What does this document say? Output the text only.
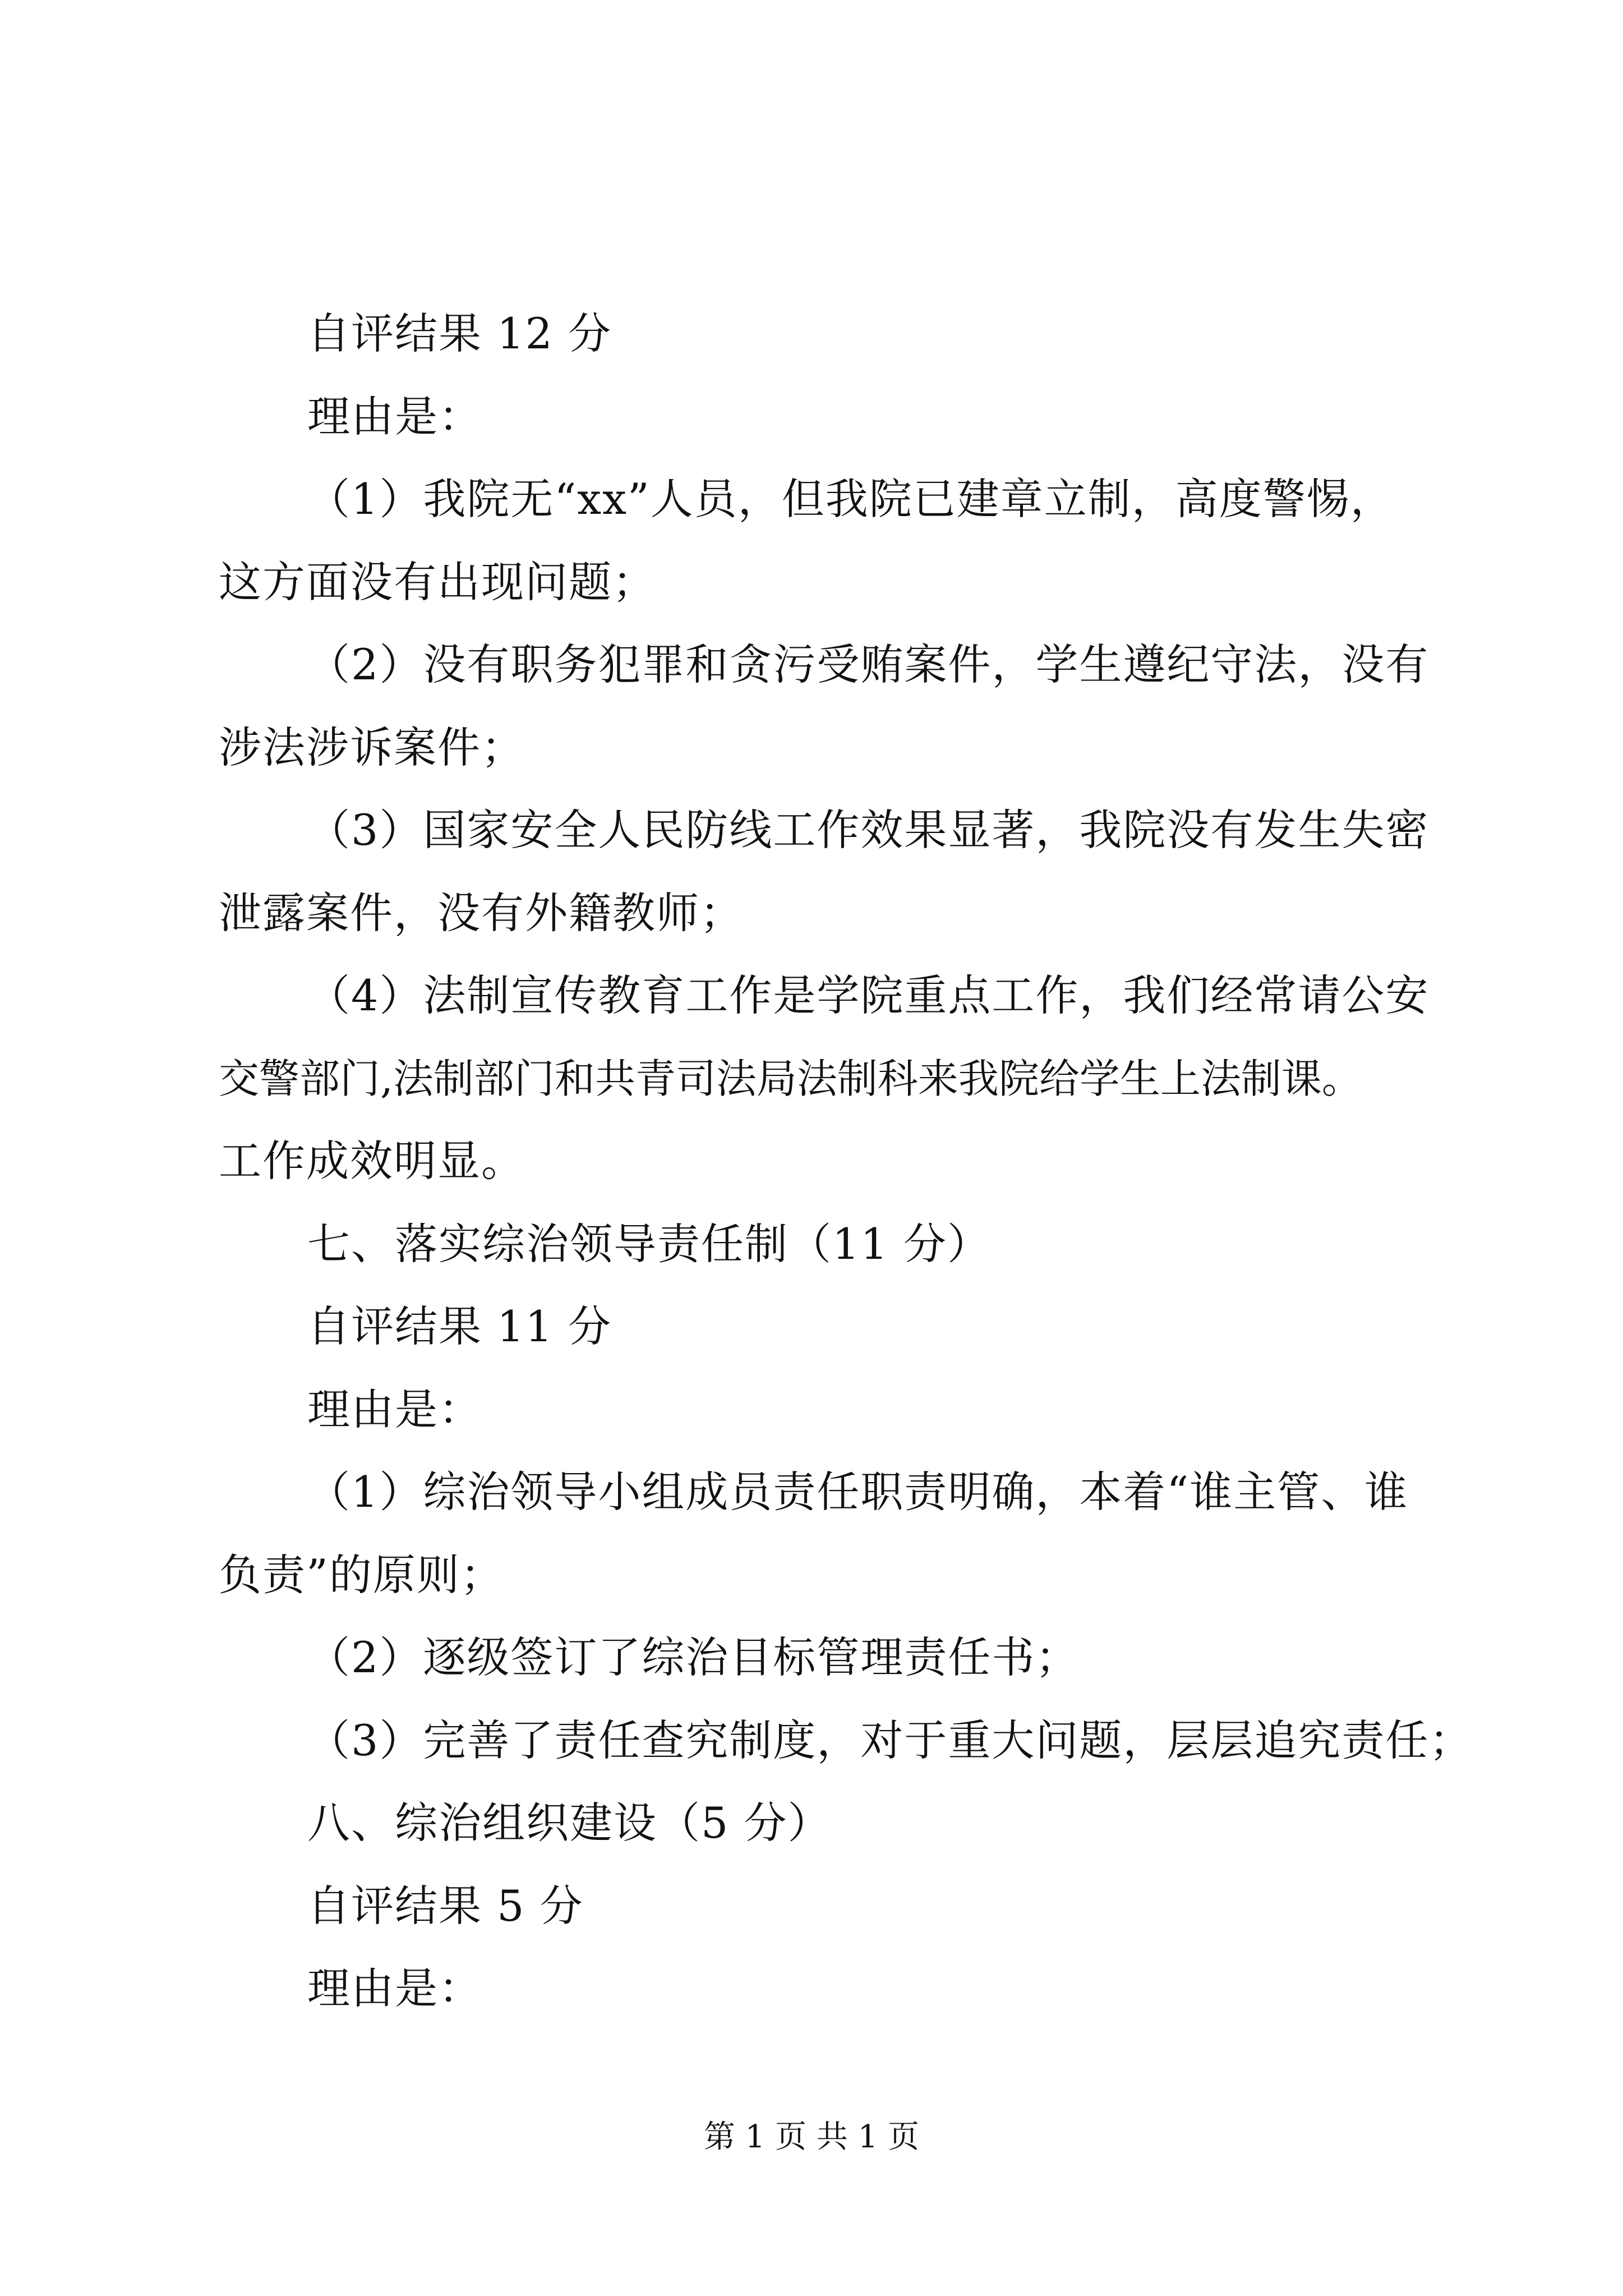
自评结果 12 分
理由是：
（1）我院无“xx”人员，但我院已建章立制，高度警惕，
这方面没有出现问题；
（2）没有职务犯罪和贪污受贿案件，学生遵纪守法，没有
涉法涉诉案件；
（3）国家安全人民防线工作效果显著，我院没有发生失密
泄露案件，没有外籍教师；
（4）法制宣传教育工作是学院重点工作，我们经常请公安
交警部门,法制部门和共青司法局法制科来我院给学生上法制课。
工作成效明显。
七、落实综治领导责任制（11 分）
自评结果 11 分
理由是：
（1）综治领导小组成员责任职责明确，本着“谁主管、谁
负责”的原则；
（2）逐级签订了综治目标管理责任书；
（3）完善了责任查究制度，对于重大问题，层层追究责任；
八、综治组织建设（5 分）
自评结果 5 分
理由是：
第 1 页 共 1 页
